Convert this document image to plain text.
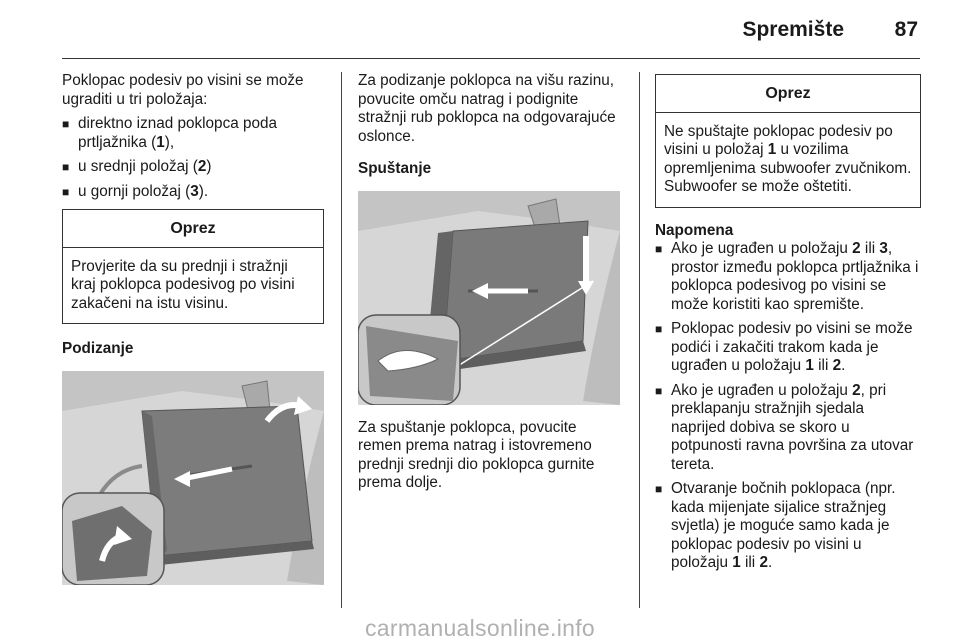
Spremište 87

Poklopac podesiv po visini se može ugraditi u tri položaja:

■ direktno iznad poklopca poda prtljažnika (1),
■ u srednji položaj (2)
■ u gornji položaj (3).
Oprez
Provjerite da su prednji i stražnji kraj poklopca podesivog po visini zakačeni na istu visinu.

Podizanje

Za podizanje poklopca na višu razinu, povucite omču natrag i podignite stražnji rub poklopca na odgovarajuće oslonce.

Spuštanje

Za spuštanje poklopca, povucite remen prema natrag i istovremeno prednji srednji dio poklopca gurnite prema dolje.

Oprez
Ne spuštajte poklopac podesiv po visini u položaj 1 u vozilima opremljenima subwoofer zvučnikom. Subwoofer se može oštetiti.

Napomena

■ Ako je ugrađen u položaju 2 ili 3, prostor između poklopca prtljažnika i poklopca podesivog po visini se može koristiti kao spremište.
■ Poklopac podesiv po visini se može podići i zakačiti trakom kada je ugrađen u položaju 1 ili 2.
■ Ako je ugrađen u položaju 2, pri preklapanju stražnjih sjedala naprijed dobiva se skoro u potpunosti ravna površina za utovar tereta.
■ Otvaranje bočnih poklopaca (npr. kada mijenjate sijalice stražnjeg svjetla) je moguće samo kada je poklopac podesiv po visini u položaju 1 ili 2.
carmanualsonline.info
